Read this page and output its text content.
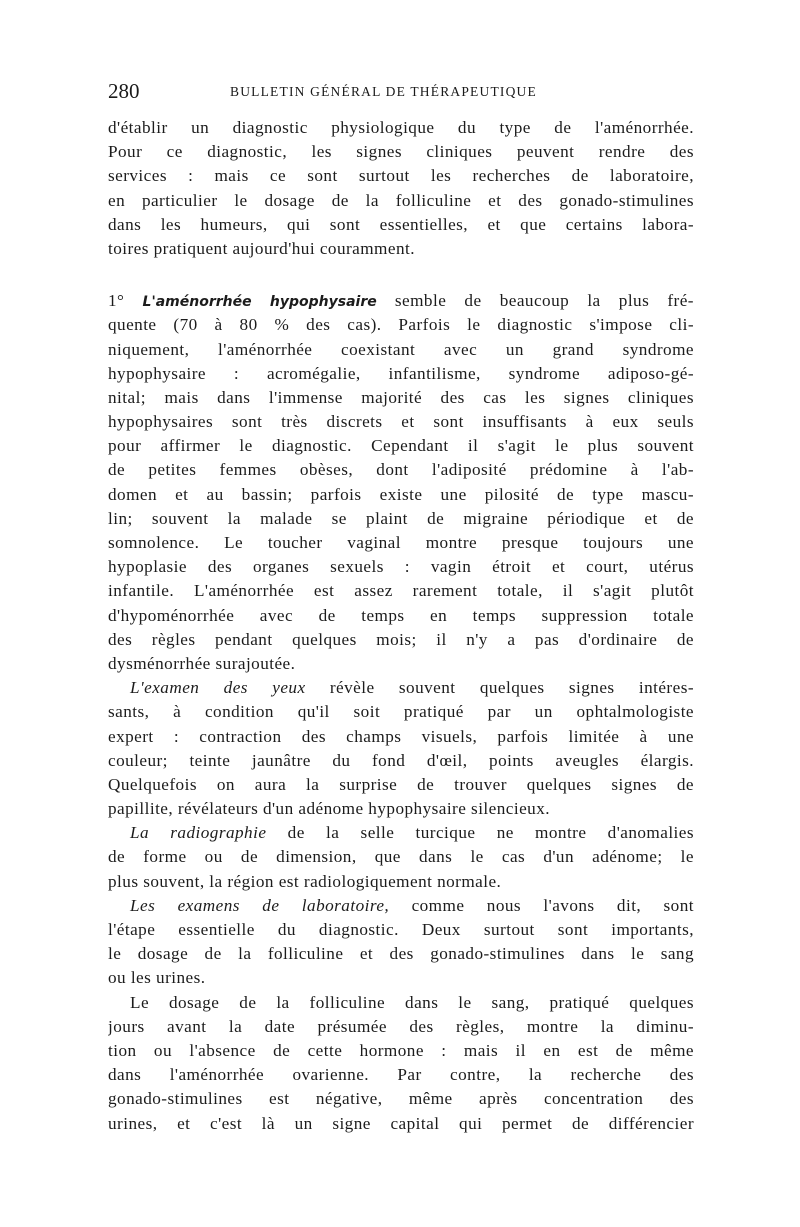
280	BULLETIN GÉNÉRAL DE THÉRAPEUTIQUE
d'établir un diagnostic physiologique du type de l'aménorrhée.
Pour ce diagnostic, les signes cliniques peuvent rendre des
services : mais ce sont surtout les recherches de laboratoire,
en particulier le dosage de la folliculine et des gonado-stimulines
dans les humeurs, qui sont essentielles, et que certains labora-
toires pratiquent aujourd'hui couramment.
1° L'aménorrhée hypophysaire semble de beaucoup la plus fré-
quente (70 à 80 % des cas). Parfois le diagnostic s'impose cli-
niquement, l'aménorrhée coexistant avec un grand syndrome
hypophysaire : acromégalie, infantilisme, syndrome adiposo-gé-
nital; mais dans l'immense majorité des cas les signes cliniques
hypophysaires sont très discrets et sont insuffisants à eux seuls
pour affirmer le diagnostic. Cependant il s'agit le plus souvent
de petites femmes obèses, dont l'adiposité prédomine à l'ab-
domen et au bassin; parfois existe une pilosité de type mascu-
lin; souvent la malade se plaint de migraine périodique et de
somnolence. Le toucher vaginal montre presque toujours une
hypoplasie des organes sexuels : vagin étroit et court, utérus
infantile. L'aménorrhée est assez rarement totale, il s'agit plutôt
d'hypoménorrhée avec de temps en temps suppression totale
des règles pendant quelques mois; il n'y a pas d'ordinaire de
dysménorrhée surajoutée.
L'examen des yeux révèle souvent quelques signes intéres-
sants, à condition qu'il soit pratiqué par un ophtalmologiste
expert : contraction des champs visuels, parfois limitée à une
couleur; teinte jaunâtre du fond d'œil, points aveugles élargis.
Quelquefois on aura la surprise de trouver quelques signes de
papillite, révélateurs d'un adénome hypophysaire silencieux.
La radiographie de la selle turcique ne montre d'anomalies
de forme ou de dimension, que dans le cas d'un adénome; le
plus souvent, la région est radiologiquement normale.
Les examens de laboratoire, comme nous l'avons dit, sont
l'étape essentielle du diagnostic. Deux surtout sont importants,
le dosage de la folliculine et des gonado-stimulines dans le sang
ou les urines.
Le dosage de la folliculine dans le sang, pratiqué quelques
jours avant la date présumée des règles, montre la diminu-
tion ou l'absence de cette hormone : mais il en est de même
dans l'aménorrhée ovarienne. Par contre, la recherche des
gonado-stimulines est négative, même après concentration des
urines, et c'est là un signe capital qui permet de différencier
